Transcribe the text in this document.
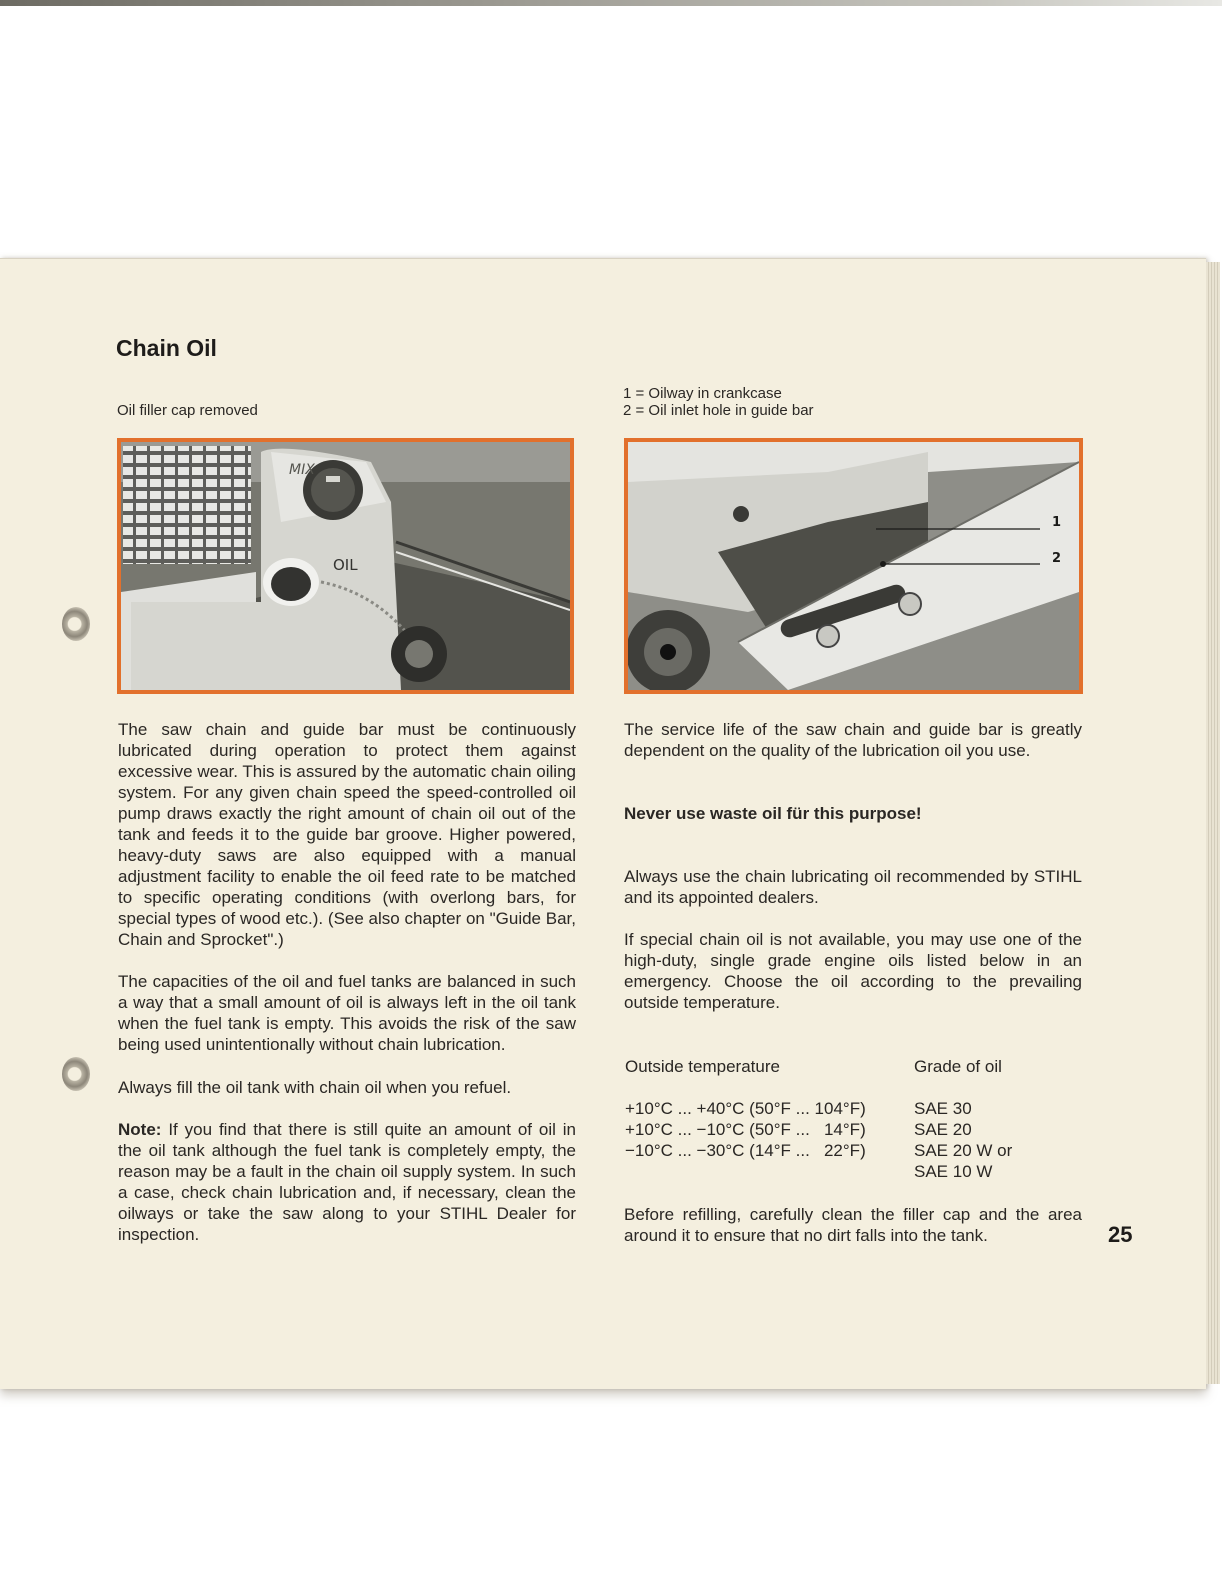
Chain Oil
Oil filler cap removed
1 = Oilway in crankcase
2 = Oil inlet hole in guide bar
MIX
OIL
1
2
The saw chain and guide bar must be continuously lubricated during operation to protect them against excessive wear. This is assured by the automatic chain oiling system. For any given chain speed the speed-controlled oil pump draws exactly the right amount of chain oil out of the tank and feeds it to the guide bar groove. Higher powered, heavy-duty saws are also equipped with a manual adjustment facility to enable the oil feed rate to be matched to specific operating conditions (with overlong bars, for special types of wood etc.). (See also chapter on "Guide Bar, Chain and Sprocket".)
The capacities of the oil and fuel tanks are balanced in such a way that a small amount of oil is always left in the oil tank when the fuel tank is empty. This avoids the risk of the saw being used unintentionally without chain lubrication.
Always fill the oil tank with chain oil when you refuel.
Note: If you find that there is still quite an amount of oil in the oil tank although the fuel tank is completely empty, the reason may be a fault in the chain oil supply system. In such a case, check chain lubrication and, if necessary, clean the oilways or take the saw along to your STIHL Dealer for inspection.
The service life of the saw chain and guide bar is greatly dependent on the quality of the lubrication oil you use.
Never use waste oil für this purpose!
Always use the chain lubricating oil recommended by STIHL and its appointed dealers.
If special chain oil is not available, you may use one of the high-duty, single grade engine oils listed below in an emergency. Choose the oil according to the prevailing outside temperature.
Outside temperature	Grade of oil
+10°C ... +40°C (50°F ... 104°F)	SAE 30
+10°C ... −10°C (50°F ...   14°F)	SAE 20
−10°C ... −30°C (14°F ...   22°F)	SAE 20 W or
SAE 10 W
Before refilling, carefully clean the filler cap and the area around it to ensure that no dirt falls into the tank.	25
